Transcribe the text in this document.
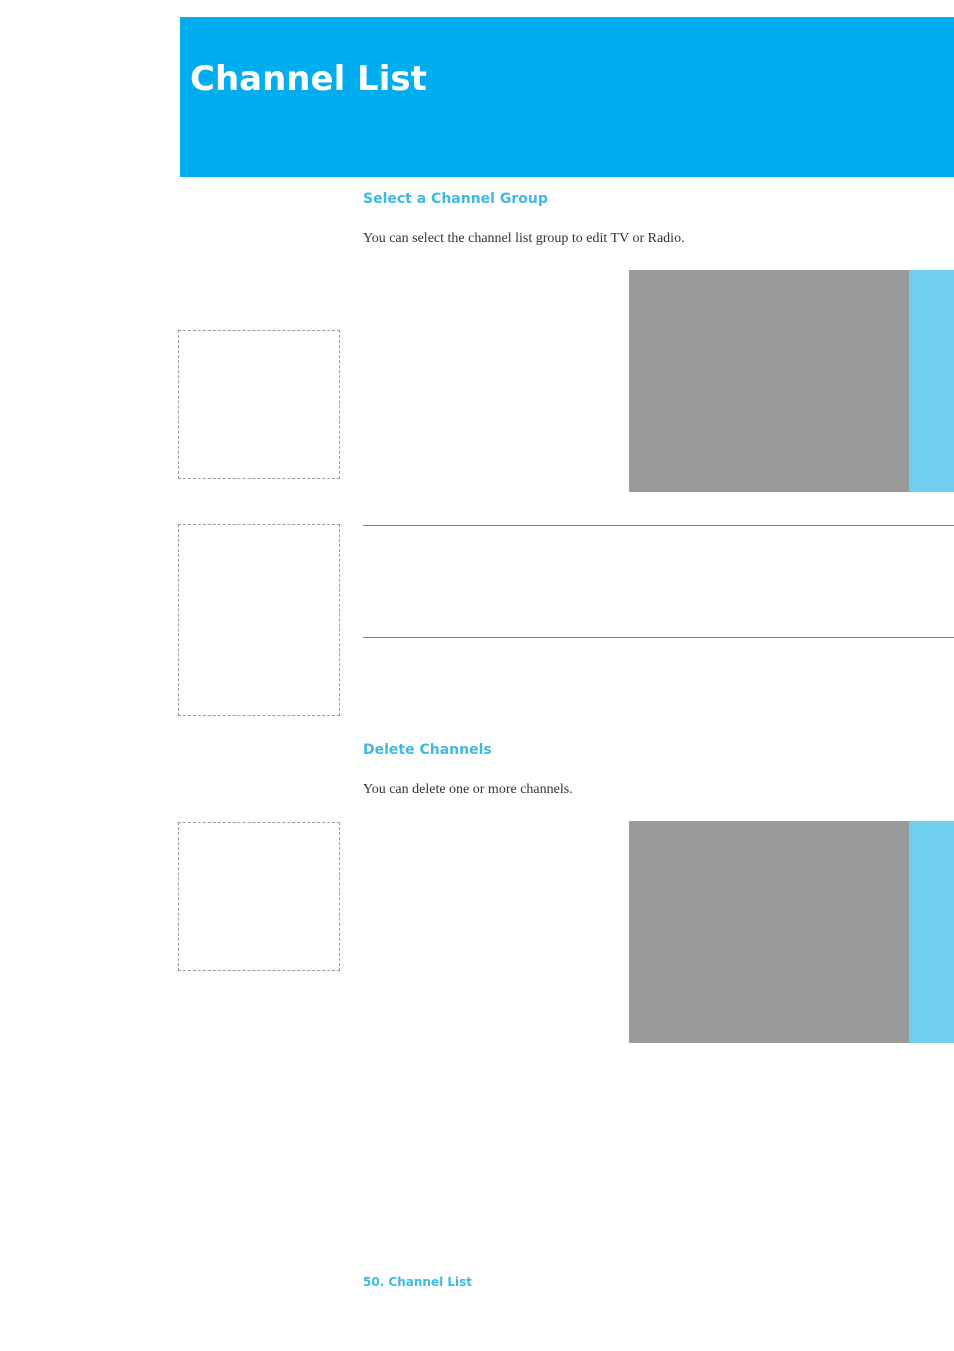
Channel List
Select a Channel Group
You can select the channel list group to edit TV or Radio.
Delete Channels
You can delete one or more channels.
50. Channel List
